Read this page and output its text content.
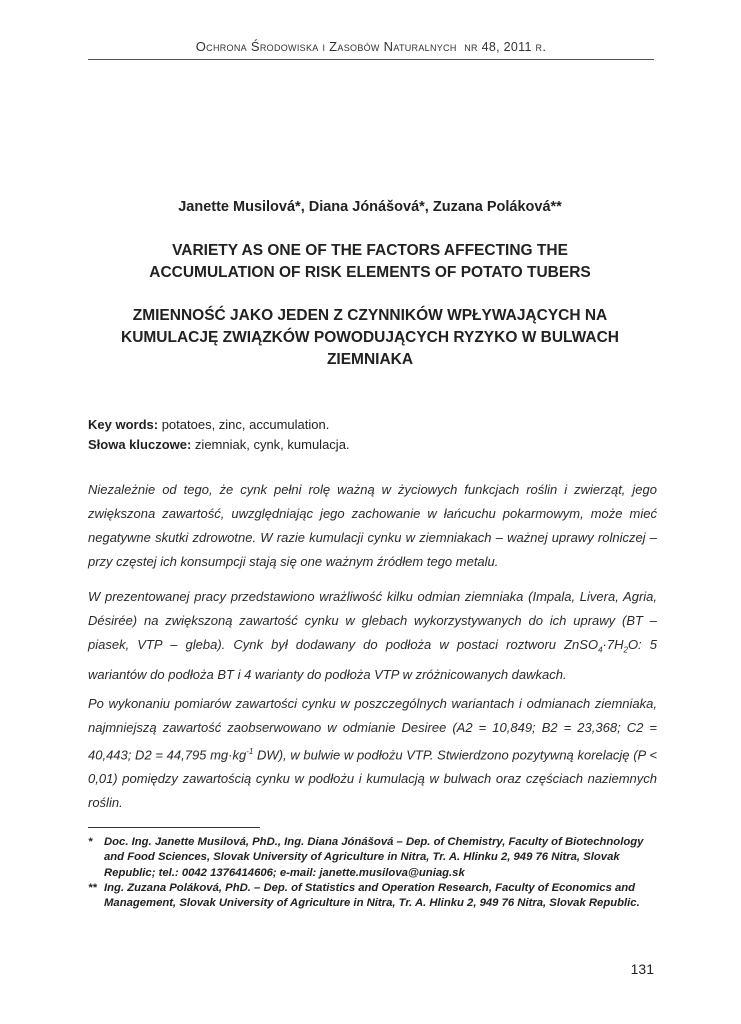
Ochrona Środowiska i Zasobów Naturalnych nr 48, 2011 r.
Janette Musilová*, Diana Jónášová*, Zuzana Poláková**
VARIETY AS ONE OF THE FACTORS AFFECTING THE
ACCUMULATION OF RISK ELEMENTS OF POTATO TUBERS
ZMIENNOŚĆ JAKO JEDEN Z CZYNNIKÓW WPŁYWAJĄCYCH NA
KUMULACJĘ ZWIĄZKÓW POWODUJĄCYCH RYZYKO W BULWACH
ZIEMNIAKA
Key words: potatoes, zinc, accumulation.
Słowa kluczowe: ziemniak, cynk, kumulacja.
Niezależnie od tego, że cynk pełni rolę ważną w życiowych funkcjach roślin i zwierząt, jego zwiększona zawartość, uwzględniając jego zachowanie w łańcuchu pokarmowym, może mieć negatywne skutki zdrowotne. W razie kumulacji cynku w ziemniakach – ważnej uprawy rolniczej – przy częstej ich konsumpcji stają się one ważnym źródłem tego metalu.
W prezentowanej pracy przedstawiono wrażliwość kilku odmian ziemniaka (Impala, Livera, Agria, Désirée) na zwiększoną zawartość cynku w glebach wykorzystywanych do ich uprawy (BT – piasek, VTP – gleba). Cynk był dodawany do podłoża w postaci roztworu $ZnSO_4\cdot 7H_2O$: 5 wariantów do podłoża BT i 4 warianty do podłoża VTP w zróżnicowanych dawkach.
Po wykonaniu pomiarów zawartości cynku w poszczególnych wariantach i odmianach ziemniaka, najmniejszą zawartość zaobserwowano w odmianie Desiree (A2 = 10,849; B2 = 23,368; C2 = 40,443; D2 = 44,795 $mg\cdot kg^{-1}$ DW), w bulwie w podłożu VTP. Stwierdzono pozytywną korelację (P < 0,01) pomiędzy zawartością cynku w podłożu i kumulacją w bulwach oraz częściach naziemnych roślin.
*	Doc. Ing. Janette Musilová, PhD., Ing. Diana Jónášová – Dep. of Chemistry, Faculty of Biotechnology and Food Sciences, Slovak University of Agriculture in Nitra, Tr. A. Hlinku 2, 949 76 Nitra, Slovak Republic; tel.: 0042 1376414606; e-mail: janette.musilova@uniag.sk
** Ing. Zuzana Poláková, PhD. – Dep. of Statistics and Operation Research, Faculty of Economics and Management, Slovak University of Agriculture in Nitra, Tr. A. Hlinku 2, 949 76 Nitra, Slovak Republic.
131
